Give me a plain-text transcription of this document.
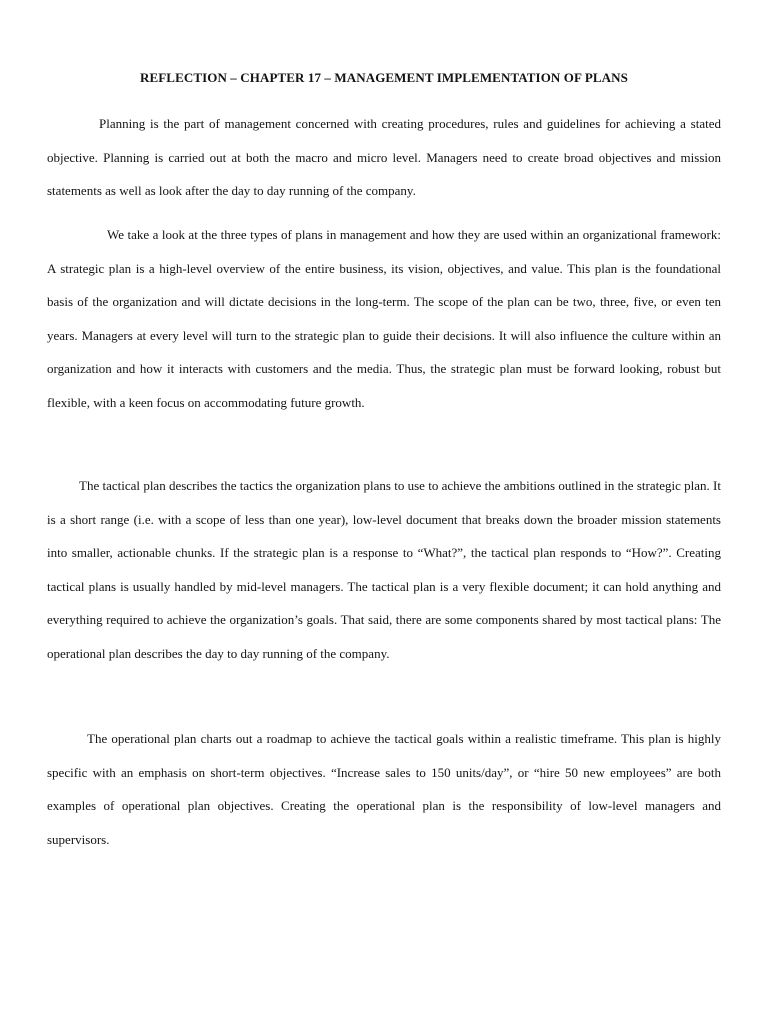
REFLECTION – CHAPTER 17 – MANAGEMENT IMPLEMENTATION OF PLANS

Planning is the part of management concerned with creating procedures, rules and guidelines for achieving a stated objective. Planning is carried out at both the macro and micro level. Managers need to create broad objectives and mission statements as well as look after the day to day running of the company.

We take a look at the three types of plans in management and how they are used within an organizational framework: A strategic plan is a high-level overview of the entire business, its vision, objectives, and value. This plan is the foundational basis of the organization and will dictate decisions in the long-term. The scope of the plan can be two, three, five, or even ten years. Managers at every level will turn to the strategic plan to guide their decisions. It will also influence the culture within an organization and how it interacts with customers and the media. Thus, the strategic plan must be forward looking, robust but flexible, with a keen focus on accommodating future growth.

The tactical plan describes the tactics the organization plans to use to achieve the ambitions outlined in the strategic plan. It is a short range (i.e. with a scope of less than one year), low-level document that breaks down the broader mission statements into smaller, actionable chunks. If the strategic plan is a response to “What?”, the tactical plan responds to “How?”. Creating tactical plans is usually handled by mid-level managers. The tactical plan is a very flexible document; it can hold anything and everything required to achieve the organization’s goals. That said, there are some components shared by most tactical plans: The operational plan describes the day to day running of the company.

The operational plan charts out a roadmap to achieve the tactical goals within a realistic timeframe. This plan is highly specific with an emphasis on short-term objectives. “Increase sales to 150 units/day”, or “hire 50 new employees” are both examples of operational plan objectives. Creating the operational plan is the responsibility of low-level managers and supervisors.
